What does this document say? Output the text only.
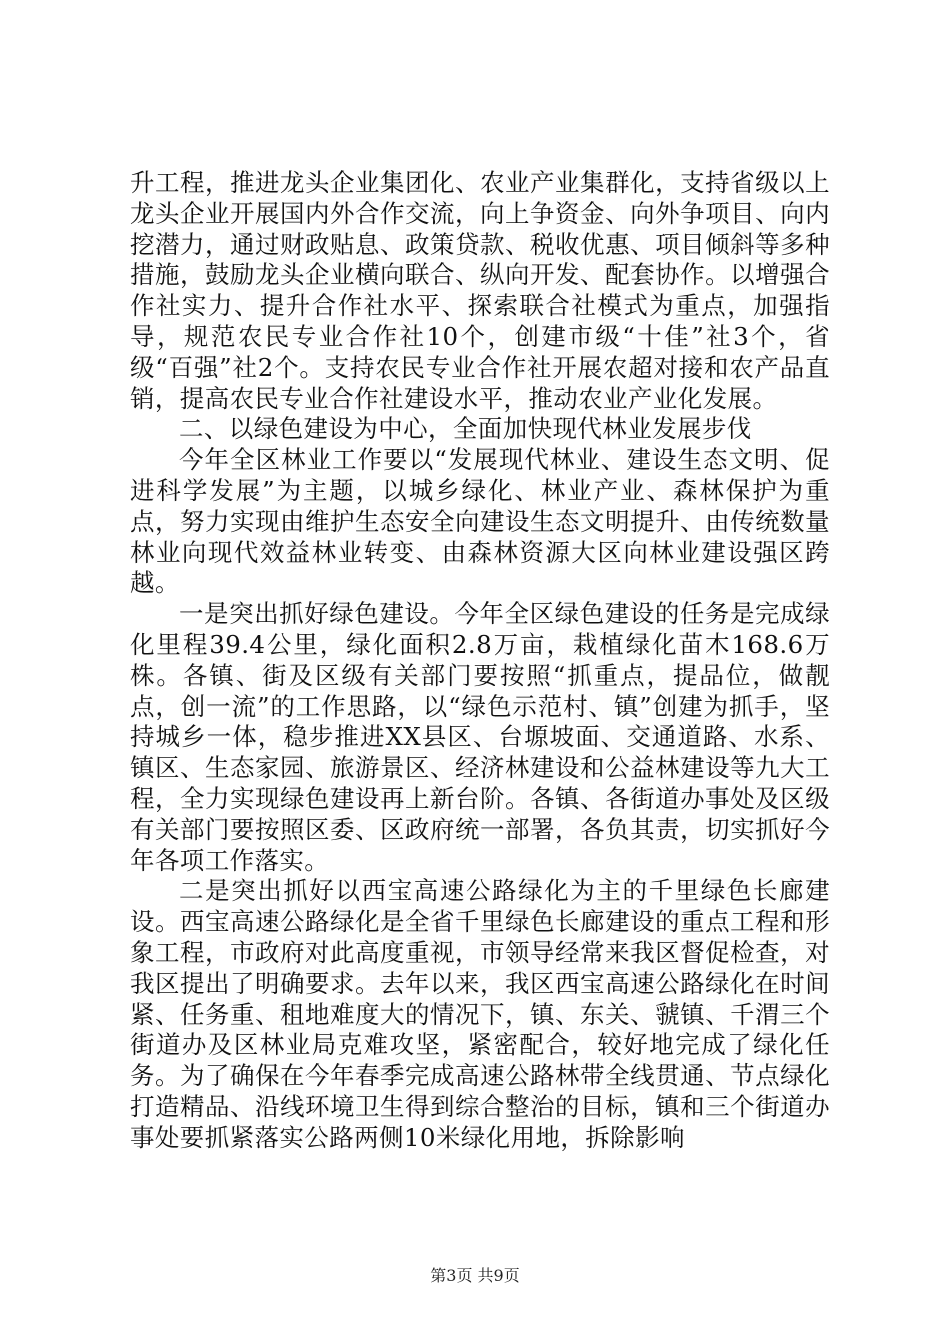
升工程，推进龙头企业集团化、农业产业集群化，支持省级以上龙头企业开展国内外合作交流，向上争资金、向外争项目、向内挖潜力，通过财政贴息、政策贷款、税收优惠、项目倾斜等多种措施，鼓励龙头企业横向联合、纵向开发、配套协作。以增强合作社实力、提升合作社水平、探索联合社模式为重点，加强指导，规范农民专业合作社10个，创建市级“十佳”社3个，省级“百强”社2个。支持农民专业合作社开展农超对接和农产品直销，提高农民专业合作社建设水平，推动农业产业化发展。

二、以绿色建设为中心，全面加快现代林业发展步伐

今年全区林业工作要以“发展现代林业、建设生态文明、促进科学发展”为主题，以城乡绿化、林业产业、森林保护为重点，努力实现由维护生态安全向建设生态文明提升、由传统数量林业向现代效益林业转变、由森林资源大区向林业建设强区跨越。

一是突出抓好绿色建设。今年全区绿色建设的任务是完成绿化里程39.4公里，绿化面积2.8万亩，栽植绿化苗木168.6万株。各镇、街及区级有关部门要按照“抓重点，提品位，做靓点，创一流”的工作思路，以“绿色示范村、镇”创建为抓手，坚持城乡一体，稳步推进XX县区、台塬坡面、交通道路、水系、镇区、生态家园、旅游景区、经济林建设和公益林建设等九大工程，全力实现绿色建设再上新台阶。各镇、各街道办事处及区级有关部门要按照区委、区政府统一部署，各负其责，切实抓好今年各项工作落实。

二是突出抓好以西宝高速公路绿化为主的千里绿色长廊建设。西宝高速公路绿化是全省千里绿色长廊建设的重点工程和形象工程，市政府对此高度重视，市领导经常来我区督促检查，对我区提出了明确要求。去年以来，我区西宝高速公路绿化在时间紧、任务重、租地难度大的情况下，镇、东关、虢镇、千渭三个街道办及区林业局克难攻坚，紧密配合，较好地完成了绿化任务。为了确保在今年春季完成高速公路林带全线贯通、节点绿化打造精品、沿线环境卫生得到综合整治的目标，镇和三个街道办事处要抓紧落实公路两侧10米绿化用地，拆除影响

第3页 共9页
